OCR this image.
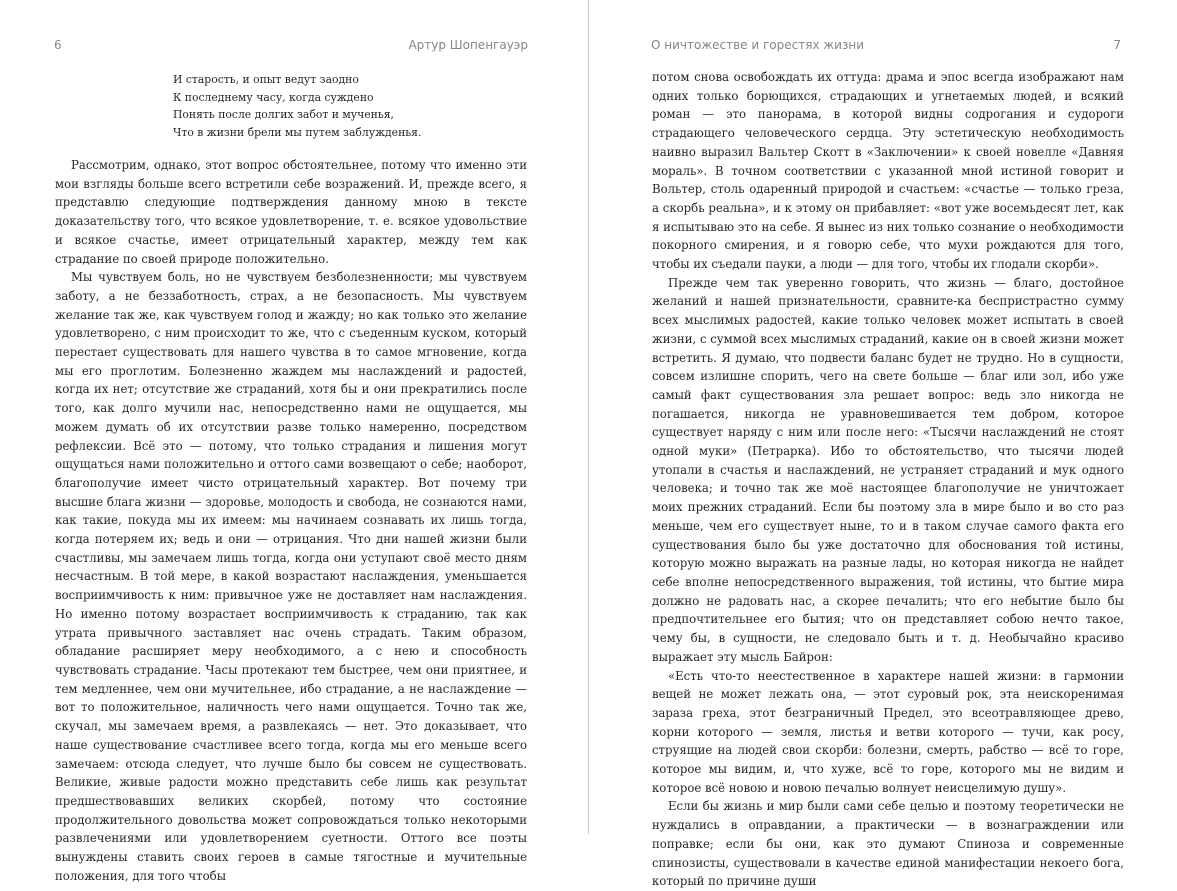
6	Артур Шопенгауэр
И старость, и опыт ведут заодно
К последнему часу, когда суждено
Понять после долгих забот и мученья,
Что в жизни брели мы путем заблужденья.

Рассмотрим, однако, этот вопрос обстоятельнее, потому что именно эти мои взгляды больше всего встретили себе возражений. И, прежде всего, я представлю следующие подтверждения данному мною в тексте доказательству того, что всякое удовлетворение, т. е. всякое удовольствие и всякое счастье, имеет отрицательный характер, между тем как страдание по своей природе положительно.

Мы чувствуем боль, но не чувствуем безболезненности; мы чувствуем заботу, а не беззаботность, страх, а не безопасность. Мы чувствуем желание так же, как чувствуем голод и жажду; но как только это желание удовлетворено, с ним происходит то же, что с съеденным куском, который перестает существовать для нашего чувства в то самое мгновение, когда мы его проглотим. Болезненно жаждем мы наслаждений и радостей, когда их нет; отсутствие же страданий, хотя бы и они прекратились после того, как долго мучили нас, непосредственно нами не ощущается, мы можем думать об их отсутствии разве только намеренно, посредством рефлексии. Всё это — потому, что только страдания и лишения могут ощущаться нами положительно и оттого сами возвещают о себе; наоборот, благополучие имеет чисто отрицательный характер. Вот почему три высшие блага жизни — здоровье, молодость и свобода, не сознаются нами, как такие, покуда мы их имеем: мы начинаем сознавать их лишь тогда, когда потеряем их; ведь и они — отрицания. Что дни нашей жизни были счастливы, мы замечаем лишь тогда, когда они уступают своё место дням несчастным. В той мере, в какой возрастают наслаждения, уменьшается восприимчивость к ним: привычное уже не доставляет нам наслаждения. Но именно потому возрастает восприимчивость к страданию, так как утрата привычного заставляет нас очень страдать. Таким образом, обладание расширяет меру необходимого, а с нею и способность чувствовать страдание. Часы протекают тем быстрее, чем они приятнее, и тем медленнее, чем они мучительнее, ибо страдание, а не наслаждение — вот то положительное, наличность чего нами ощущается. Точно так же, скучал, мы замечаем время, а развлекаясь — нет. Это доказывает, что наше существование счастливее всего тогда, когда мы его меньше всего замечаем: отсюда следует, что лучше было бы совсем не существовать. Великие, живые радости можно представить себе лишь как результат предшествовавших великих скорбей, потому что состояние продолжительного довольства может сопровождаться только некоторыми развлечениями или удовлетворением суетности. Оттого все поэты вынуждены ставить своих героев в самые тягостные и мучительные положения, для того чтобы

О ничтожестве и горестях жизни	7

потом снова освобождать их оттуда: драма и эпос всегда изображают нам одних только борющихся, страдающих и угнетаемых людей, и всякий роман — это панорама, в которой видны содрогания и судороги страдающего человеческого сердца. Эту эстетическую необходимость наивно выразил Вальтер Скотт в «Заключении» к своей новелле «Давняя мораль». В точном соответствии с указанной мной истиной говорит и Вольтер, столь одаренный природой и счастьем: «счастье — только греза, а скорбь реальна», и к этому он прибавляет: «вот уже восемьдесят лет, как я испытываю это на себе. Я вынес из них только сознание о необходимости покорного смирения, и я говорю себе, что мухи рождаются для того, чтобы их съедали пауки, а люди — для того, чтобы их глодали скорби».

Прежде чем так уверенно говорить, что жизнь — благо, достойное желаний и нашей признательности, сравните-ка беспристрастно сумму всех мыслимых радостей, какие только человек может испытать в своей жизни, с суммой всех мыслимых страданий, какие он в своей жизни может встретить. Я думаю, что подвести баланс будет не трудно. Но в сущности, совсем излишне спорить, чего на свете больше — благ или зол, ибо уже самый факт существования зла решает вопрос: ведь зло никогда не погашается, никогда не уравновешивается тем добром, которое существует наряду с ним или после него: «Тысячи наслаждений не стоят одной муки» (Петрарка). Ибо то обстоятельство, что тысячи людей утопали в счастья и наслаждений, не устраняет страданий и мук одного человека; и точно так же моё настоящее благополучие не уничтожает моих прежних страданий. Если бы поэтому зла в мире было и во сто раз меньше, чем его существует ныне, то и в таком случае самого факта его существования было бы уже достаточно для обоснования той истины, которую можно выражать на разные лады, но которая никогда не найдет себе вполне непосредственного выражения, той истины, что бытие мира должно не радовать нас, а скорее печалить; что его небытие было бы предпочтительнее его бытия; что он представляет собою нечто такое, чему бы, в сущности, не следовало быть и т. д. Необычайно красиво выражает эту мысль Байрон:

«Есть что-то неестественное в характере нашей жизни: в гармонии вещей не может лежать она, — этот суровый рок, эта неискоренимая зараза греха, этот безграничный Предел, это всеотравляющее древо, корни которого — земля, листья и ветви которого — тучи, как росу, струящие на людей свои скорби: болезни, смерть, рабство — всё то горе, которое мы видим, и, что хуже, всё то горе, которого мы не видим и которое всё новою и новою печалью волнует неисцелимую душу».

Если бы жизнь и мир были сами себе целью и поэтому теоретически не нуждались в оправдании, а практически — в вознаграждении или поправке; если бы они, как это думают Спиноза и современные спинозисты, существовали в качестве единой манифестации некоего бога, который по причине души
